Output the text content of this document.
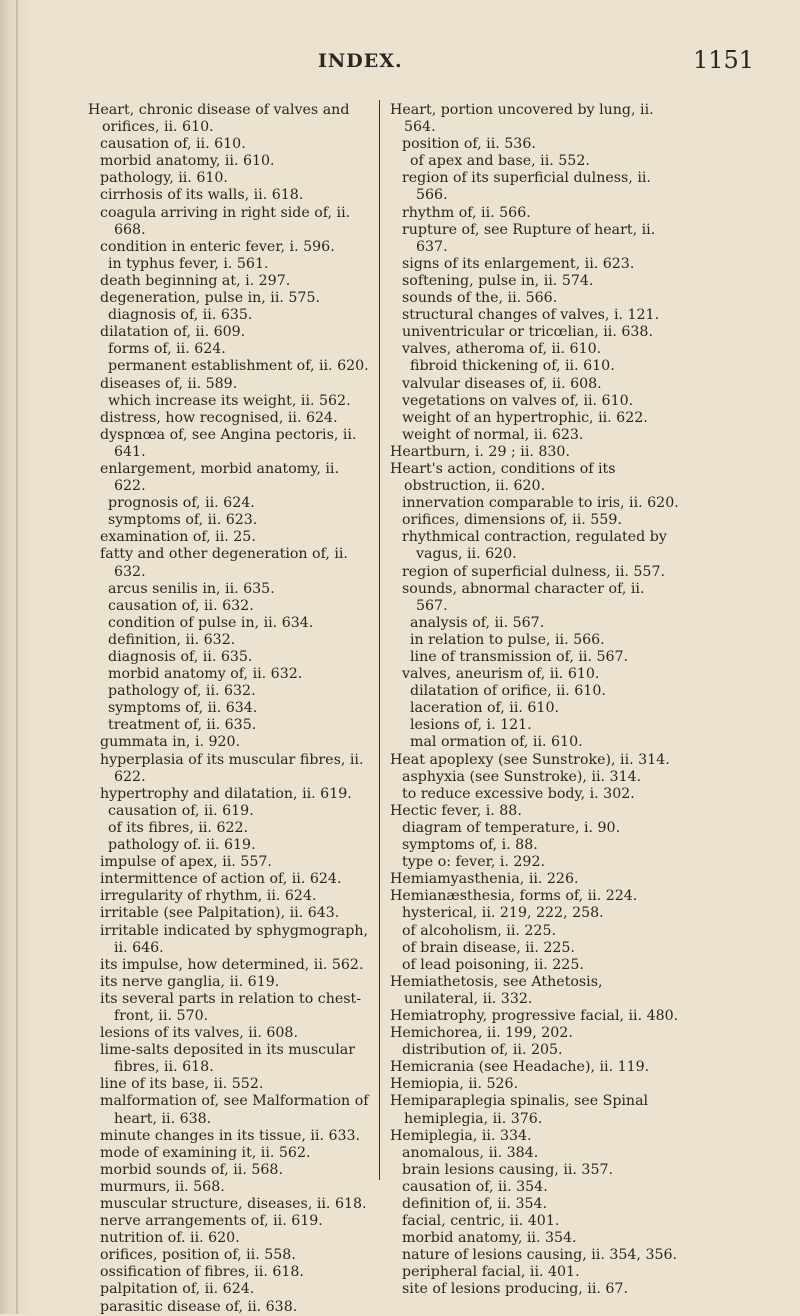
INDEX.	1151
Heart, chronic disease of valves and orifices, ii. 610.
causation of, ii. 610.
morbid anatomy, ii. 610.
pathology, ii. 610.
cirrhosis of its walls, ii. 618.
coagula arriving in right side of, ii. 668.
condition in enteric fever, i. 596.
in typhus fever, i. 561.
death beginning at, i. 297.
degeneration, pulse in, ii. 575.
diagnosis of, ii. 635.
dilatation of, ii. 609.
forms of, ii. 624.
permanent establishment of, ii. 620.
diseases of, ii. 589.
which increase its weight, ii. 562.
distress, how recognised, ii. 624.
dyspnœa of, see Angina pectoris, ii. 641.
enlargement, morbid anatomy, ii. 622.
prognosis of, ii. 624.
symptoms of, ii. 623.
examination of, ii. 25.
fatty and other degeneration of, ii. 632.
arcus senilis in, ii. 635.
causation of, ii. 632.
condition of pulse in, ii. 634.
definition, ii. 632.
diagnosis of, ii. 635.
morbid anatomy of, ii. 632.
pathology of, ii. 632.
symptoms of, ii. 634.
treatment of, ii. 635.
gummata in, i. 920.
hyperplasia of its muscular fibres, ii. 622.
hypertrophy and dilatation, ii. 619.
causation of, ii. 619.
of its fibres, ii. 622.
pathology of. ii. 619.
impulse of apex, ii. 557.
intermittence of action of, ii. 624.
irregularity of rhythm, ii. 624.
irritable (see Palpitation), ii. 643.
irritable indicated by sphygmograph, ii. 646.
its impulse, how determined, ii. 562.
its nerve ganglia, ii. 619.
its several parts in relation to chest-front, ii. 570.
lesions of its valves, ii. 608.
lime-salts deposited in its muscular fibres, ii. 618.
line of its base, ii. 552.
malformation of, see Malformation of heart, ii. 638.
minute changes in its tissue, ii. 633.
mode of examining it, ii. 562.
morbid sounds of, ii. 568.
murmurs, ii. 568.
muscular structure, diseases, ii. 618.
nerve arrangements of, ii. 619.
nutrition of. ii. 620.
orifices, position of, ii. 558.
ossification of fibres, ii. 618.
palpitation of, ii. 624.
parasitic disease of, ii. 638.
Heart, portion uncovered by lung, ii. 564.
position of, ii. 536.
of apex and base, ii. 552.
region of its superficial dulness, ii. 566.
rhythm of, ii. 566.
rupture of, see Rupture of heart, ii. 637.
signs of its enlargement, ii. 623.
softening, pulse in, ii. 574.
sounds of the, ii. 566.
structural changes of valves, i. 121.
univentricular or tricœlian, ii. 638.
valves, atheroma of, ii. 610.
fibroid thickening of, ii. 610.
valvular diseases of, ii. 608.
vegetations on valves of, ii. 610.
weight of an hypertrophic, ii. 622.
weight of normal, ii. 623.
Heartburn, i. 29 ; ii. 830.
Heart's action, conditions of its obstruction, ii. 620.
innervation comparable to iris, ii. 620.
orifices, dimensions of, ii. 559.
rhythmical contraction, regulated by vagus, ii. 620.
region of superficial dulness, ii. 557.
sounds, abnormal character of, ii. 567.
analysis of, ii. 567.
in relation to pulse, ii. 566.
line of transmission of, ii. 567.
valves, aneurism of, ii. 610.
dilatation of orifice, ii. 610.
laceration of, ii. 610.
lesions of, i. 121.
mal ormation of, ii. 610.
Heat apoplexy (see Sunstroke), ii. 314.
asphyxia (see Sunstroke), ii. 314.
to reduce excessive body, i. 302.
Hectic fever, i. 88.
diagram of temperature, i. 90.
symptoms of, i. 88.
type o: fever, i. 292.
Hemiamyasthenia, ii. 226.
Hemianæsthesia, forms of, ii. 224.
hysterical, ii. 219, 222, 258.
of alcoholism, ii. 225.
of brain disease, ii. 225.
of lead poisoning, ii. 225.
Hemiathetosis, see Athetosis, unilateral, ii. 332.
Hemiatrophy, progressive facial, ii. 480.
Hemichorea, ii. 199, 202.
distribution of, ii. 205.
Hemicrania (see Headache), ii. 119.
Hemiopia, ii. 526.
Hemiparaplegia spinalis, see Spinal hemiplegia, ii. 376.
Hemiplegia, ii. 334.
anomalous, ii. 384.
brain lesions causing, ii. 357.
causation of, ii. 354.
definition of, ii. 354.
facial, centric, ii. 401.
morbid anatomy, ii. 354.
nature of lesions causing, ii. 354, 356.
peripheral facial, ii. 401.
site of lesions producing, ii. 67.
